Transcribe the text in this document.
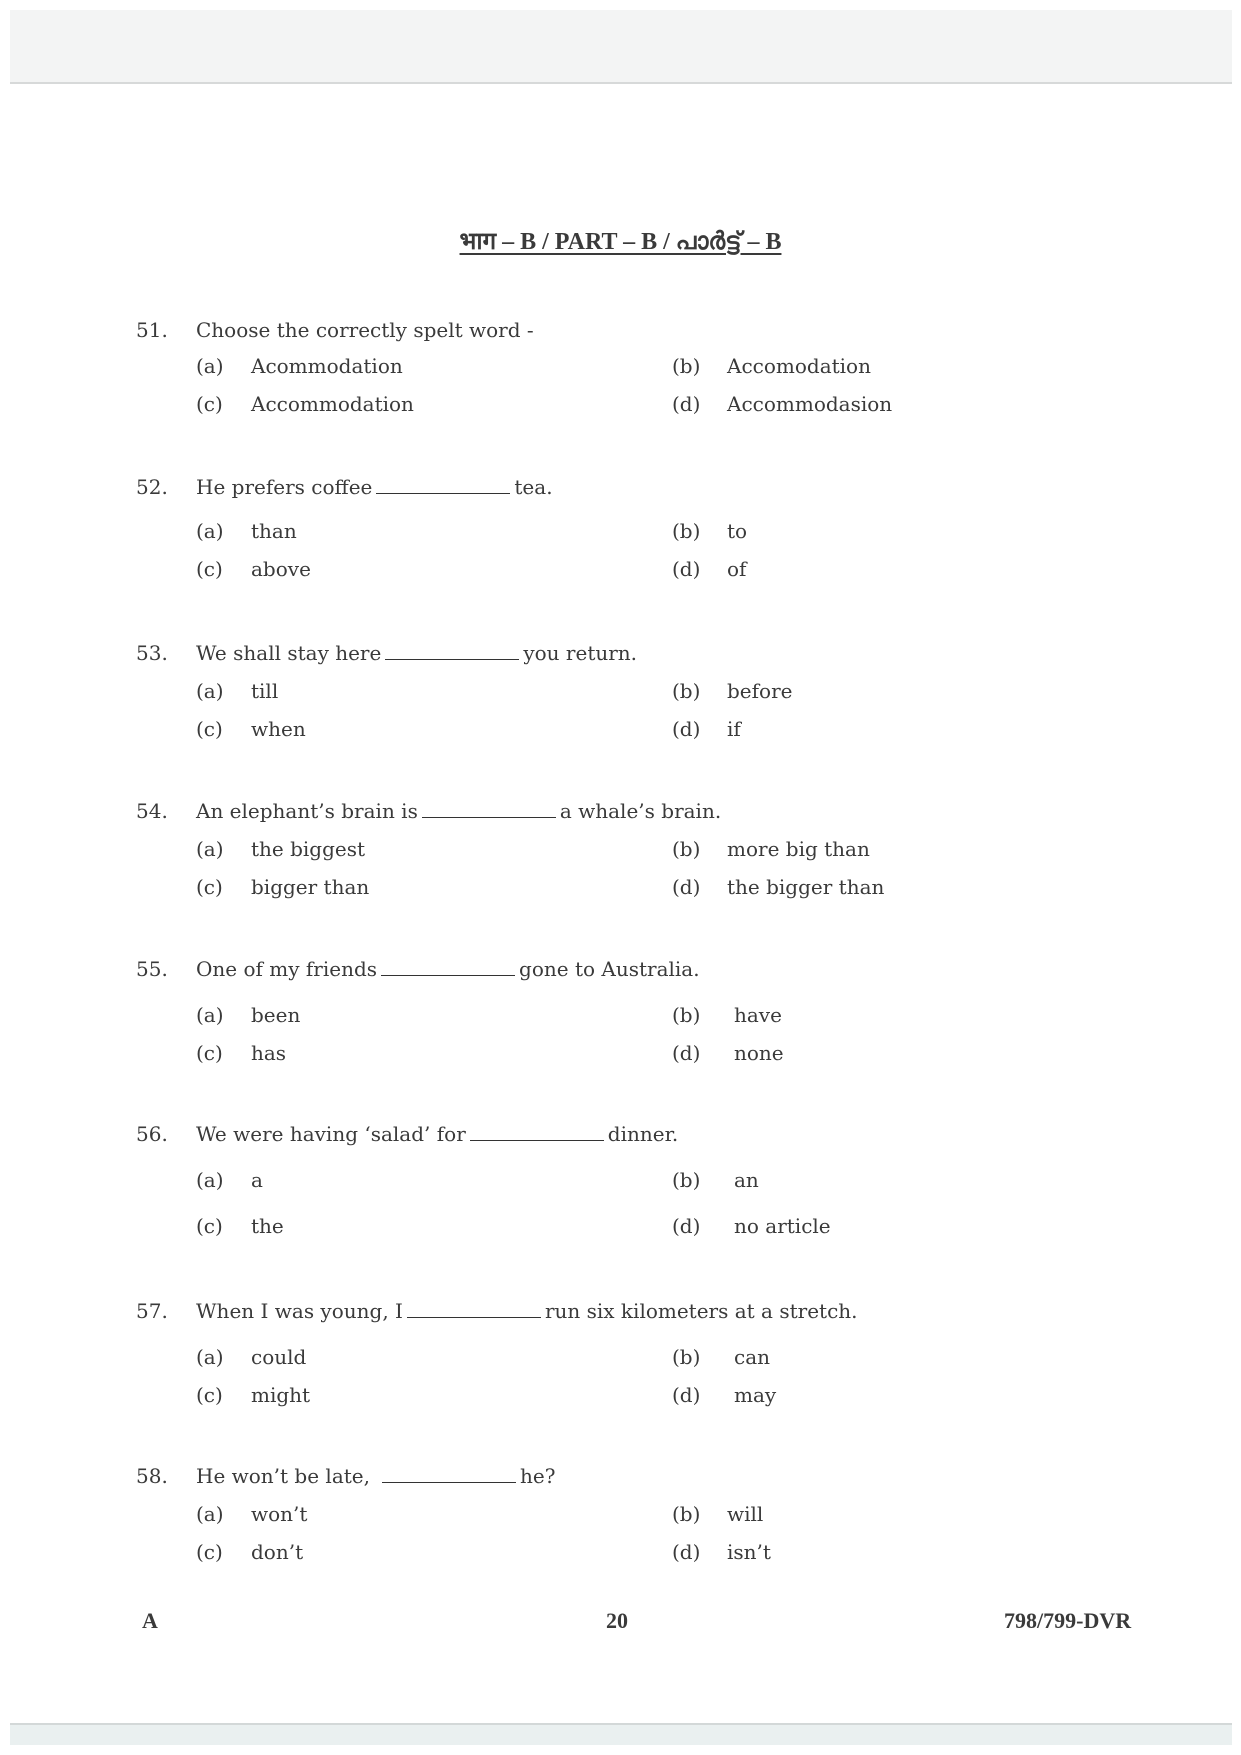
भाग – B / PART – B / പാർട്ട് – B
51. Choose the correctly spelt word -
(a) Acommodation	(b) Accomodation
(c) Accommodation	(d) Accommodasion
52. He prefers coffee	tea.
(a) than	(b) to
(c) above	(d) of
53. We shall stay here	you return.
(a) till	(b) before
(c) when	(d) if
54. An elephant’s brain is	a whale’s brain.
(a) the biggest	(b) more big than
(c) bigger than	(d) the bigger than
55. One of my friends	gone to Australia.
(a) been	(b) have
(c) has	(d) none
56. We were having ‘salad’ for	dinner.
(a) a	(b) an
(c) the	(d) no article
57. When I was young, I	run six kilometers at a stretch.
(a) could	(b) can
(c) might	(d) may
58. He won’t be late,	he?
(a) won’t	(b) will
(c) don’t	(d) isn’t
A	20	798/799-DVR
